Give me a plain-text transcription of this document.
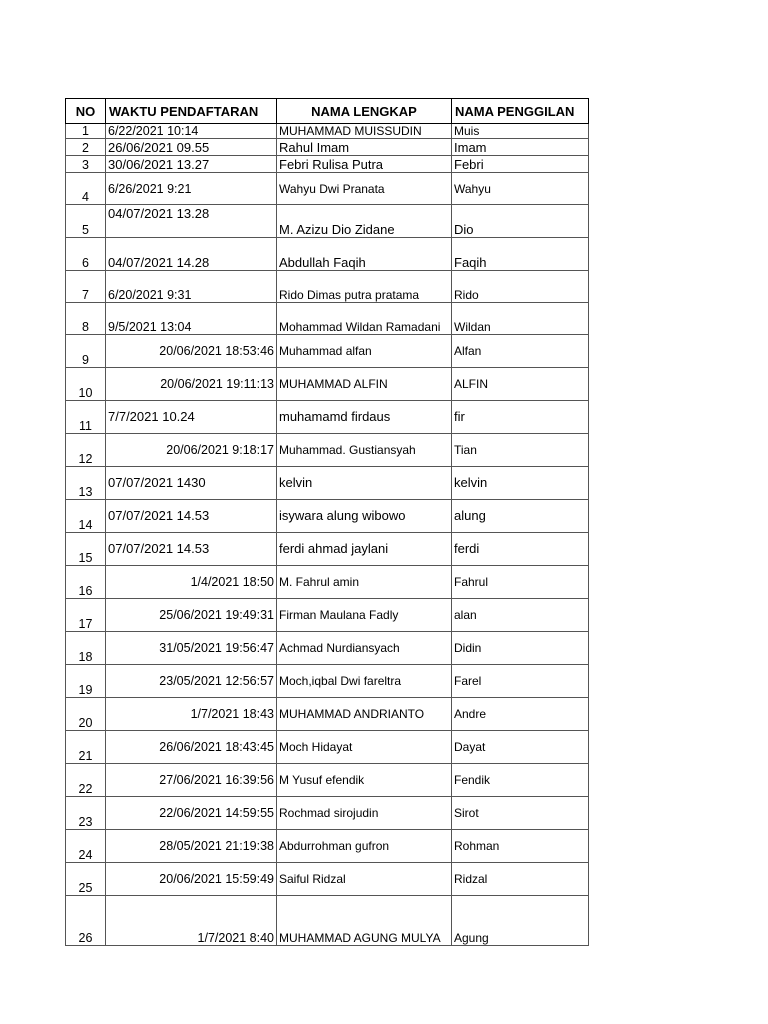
NO	WAKTU PENDAFTARAN	NAMA LENGKAP	NAMA PENGGILAN
1	6/22/2021 10:14	MUHAMMAD MUISSUDIN	Muis
2	26/06/2021 09.55	Rahul Imam	Imam
3	30/06/2021 13.27	Febri Rulisa Putra	Febri
4	6/26/2021 9:21	Wahyu Dwi Pranata	Wahyu
5	04/07/2021 13.28	M. Azizu Dio Zidane	Dio
6	04/07/2021 14.28	Abdullah Faqih	Faqih
7	6/20/2021 9:31	Rido Dimas putra pratama	Rido
8	9/5/2021 13:04	Mohammad Wildan Ramadani	Wildan
9	20/06/2021 18:53:46	Muhammad alfan	Alfan
10	20/06/2021 19:11:13	MUHAMMAD ALFIN	ALFIN
11	7/7/2021 10.24	muhamamd firdaus	fir
12	20/06/2021 9:18:17	Muhammad. Gustiansyah	Tian
13	07/07/2021 1430	kelvin	kelvin
14	07/07/2021 14.53	isywara alung wibowo	alung
15	07/07/2021 14.53	ferdi ahmad jaylani	ferdi
16	1/4/2021 18:50	M. Fahrul amin	Fahrul
17	25/06/2021 19:49:31	Firman Maulana Fadly	alan
18	31/05/2021 19:56:47	Achmad Nurdiansyach	Didin
19	23/05/2021 12:56:57	Moch,iqbal Dwi fareltra	Farel
20	1/7/2021 18:43	MUHAMMAD ANDRIANTO	Andre
21	26/06/2021 18:43:45	Moch Hidayat	Dayat
22	27/06/2021 16:39:56	M Yusuf efendik	Fendik
23	22/06/2021 14:59:55	Rochmad sirojudin	Sirot
24	28/05/2021 21:19:38	Abdurrohman gufron	Rohman
25	20/06/2021 15:59:49	Saiful Ridzal	Ridzal
26	1/7/2021 8:40	MUHAMMAD AGUNG MULYA	Agung
